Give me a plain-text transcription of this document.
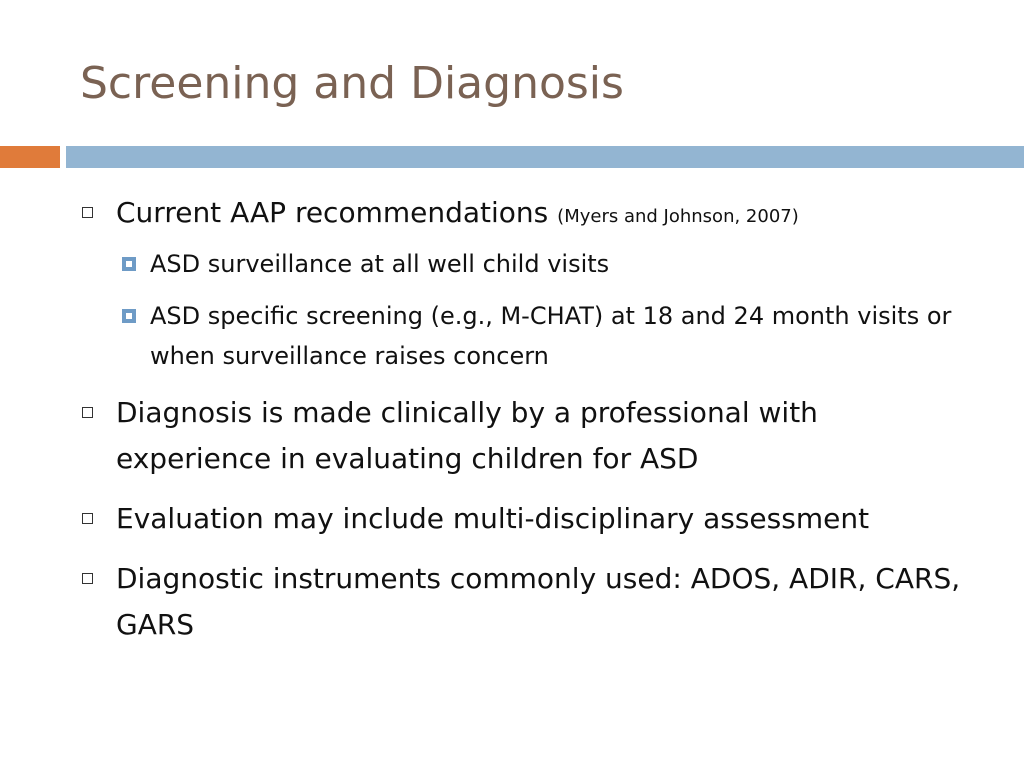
Screening and Diagnosis
Current AAP recommendations (Myers and Johnson, 2007)
ASD surveillance at all well child visits
ASD specific screening (e.g., M-CHAT) at 18 and 24 month visits or when surveillance raises concern
Diagnosis is made clinically by a professional with experience in evaluating children for ASD
Evaluation may include multi-disciplinary assessment
Diagnostic instruments commonly used: ADOS, ADIR, CARS, GARS
